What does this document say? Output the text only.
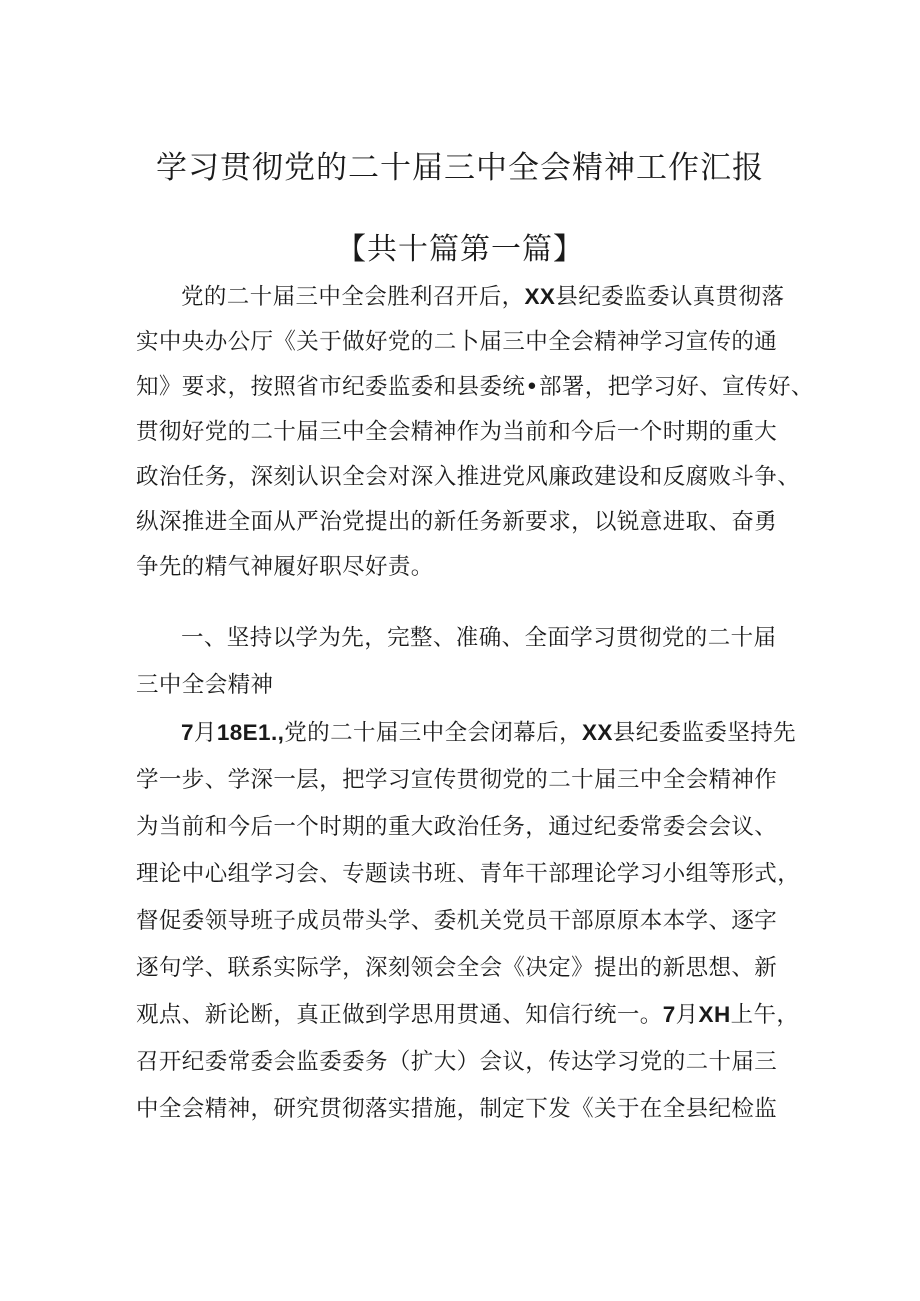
学习贯彻党的二十届三中全会精神工作汇报
【共十篇第一篇】
党的二十届三中全会胜利召开后，XX县纪委监委认真贯彻落
实中央办公厅《关于做好党的二卜届三中全会精神学习宣传的通
知》要求，按照省市纪委监委和县委统•部署，把学习好、宣传好、
贯彻好党的二十届三中全会精神作为当前和今后一个时期的重大
政治任务，深刻认识全会对深入推进党风廉政建设和反腐败斗争、
纵深推进全面从严治党提出的新任务新要求，以锐意进取、奋勇
争先的精气神履好职尽好责。
一、坚持以学为先，完整、准确、全面学习贯彻党的二十届
三中全会精神
7月18E1.,党的二十届三中全会闭幕后，XX县纪委监委坚持先
学一步、学深一层，把学习宣传贯彻党的二十届三中全会精神作
为当前和今后一个时期的重大政治任务，通过纪委常委会会议、
理论中心组学习会、专题读书班、青年干部理论学习小组等形式，
督促委领导班子成员带头学、委机关党员干部原原本本学、逐字
逐句学、联系实际学，深刻领会全会《决定》提出的新思想、新
观点、新论断，真正做到学思用贯通、知信行统一。7月XH上午，
召开纪委常委会监委委务（扩大）会议，传达学习党的二十届三
中全会精神，研究贯彻落实措施，制定下发《关于在全县纪检监
